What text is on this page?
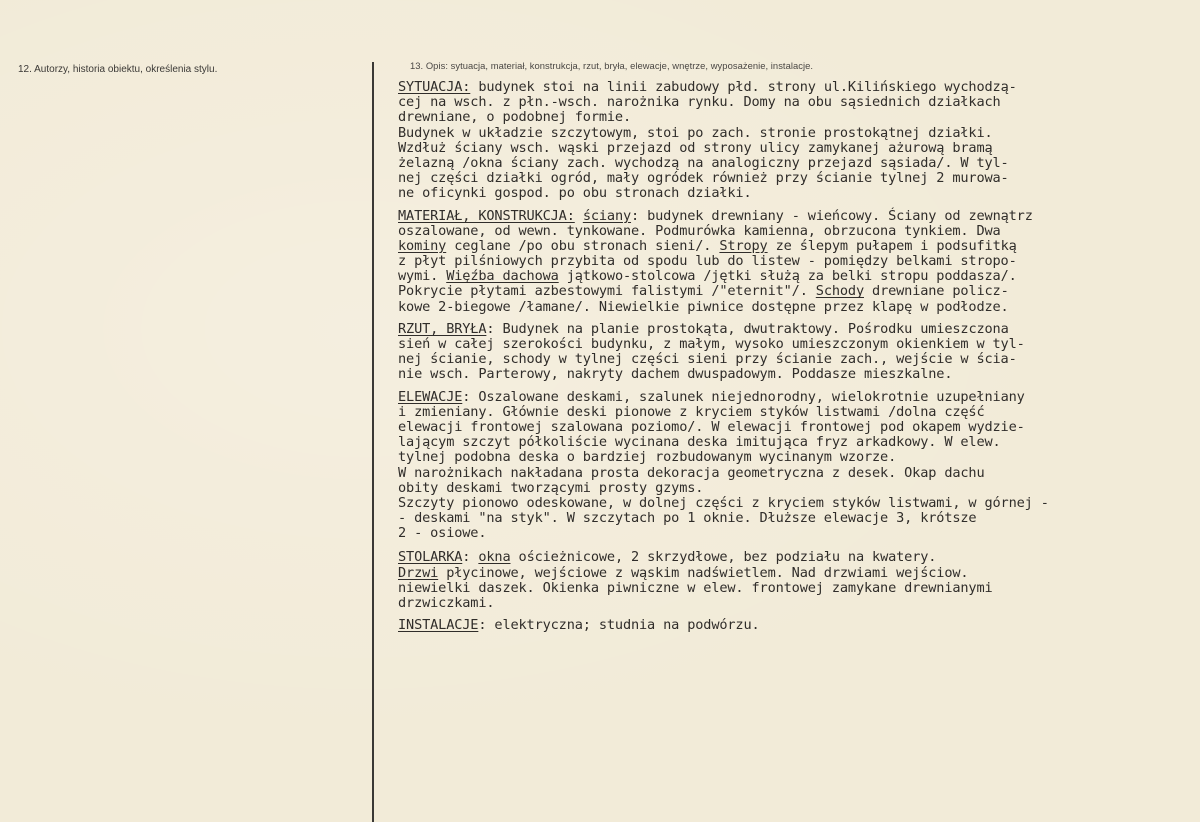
12. Autorzy, historia obiektu, określenia stylu.	13. Opis: sytuacja, materiał, konstrukcja, rzut, bryła, elewacje, wnętrze, wyposażenie, instalacje.
SYTUACJA: budynek stoi na linii zabudowy płd. strony ul.Kilińskiego wychodzą-
cej na wsch. z płn.-wsch. narożnika rynku. Domy na obu sąsiednich działkach
drewniane, o podobnej formie.
Budynek w układzie szczytowym, stoi po zach. stronie prostokątnej działki.
Wzdłuż ściany wsch. wąski przejazd od strony ulicy zamykanej ażurową bramą
żelazną /okna ściany zach. wychodzą na analogiczny przejazd sąsiada/. W tyl-
nej części działki ogród, mały ogródek również przy ścianie tylnej 2 murowa-
ne oficynki gospod. po obu stronach działki.
MATERIAŁ, KONSTRUKCJA: ściany: budynek drewniany - wieńcowy. Ściany od zewnątrz
oszalowane, od wewn. tynkowane. Podmurówka kamienna, obrzucona tynkiem. Dwa
kominy ceglane /po obu stronach sieni/. Stropy ze ślepym pułapem i podsufitką
z płyt pilśniowych przybita od spodu lub do listew - pomiędzy belkami stropo-
wymi. Więźba dachowa jątkowo-stolcowa /jętki służą za belki stropu poddasza/.
Pokrycie płytami azbestowymi falistymi /"eternit"/. Schody drewniane policz-
kowe 2-biegowe /łamane/. Niewielkie piwnice dostępne przez klapę w podłodze.
RZUT, BRYŁA: Budynek na planie prostokąta, dwutraktowy. Pośrodku umieszczona
sień w całej szerokości budynku, z małym, wysoko umieszczonym okienkiem w tyl-
nej ścianie, schody w tylnej części sieni przy ścianie zach., wejście w ścia-
nie wsch. Parterowy, nakryty dachem dwuspadowym. Poddasze mieszkalne.
ELEWACJE: Oszalowane deskami, szalunek niejednorodny, wielokrotnie uzupełniany
i zmieniany. Głównie deski pionowe z kryciem styków listwami /dolna część
elewacji frontowej szalowana poziomo/. W elewacji frontowej pod okapem wydzie-
lającym szczyt półkoliście wycinana deska imitująca fryz arkadkowy. W elew.
tylnej podobna deska o bardziej rozbudowanym wycinanym wzorze.
W narożnikach nakładana prosta dekoracja geometryczna z desek. Okap dachu
obity deskami tworzącymi prosty gzyms.
Szczyty pionowo odeskowane, w dolnej części z kryciem styków listwami, w górnej -
- deskami "na styk". W szczytach po 1 oknie. Dłuższe elewacje 3, krótsze
2 - osiowe.
STOLARKA: okna ościeżnicowe, 2 skrzydłowe, bez podziału na kwatery.
Drzwi płycinowe, wejściowe z wąskim nadświetlem. Nad drzwiami wejściow.
niewielki daszek. Okienka piwniczne w elew. frontowej zamykane drewnianymi
drzwiczkami.
INSTALACJE: elektryczna; studnia na podwórzu.
